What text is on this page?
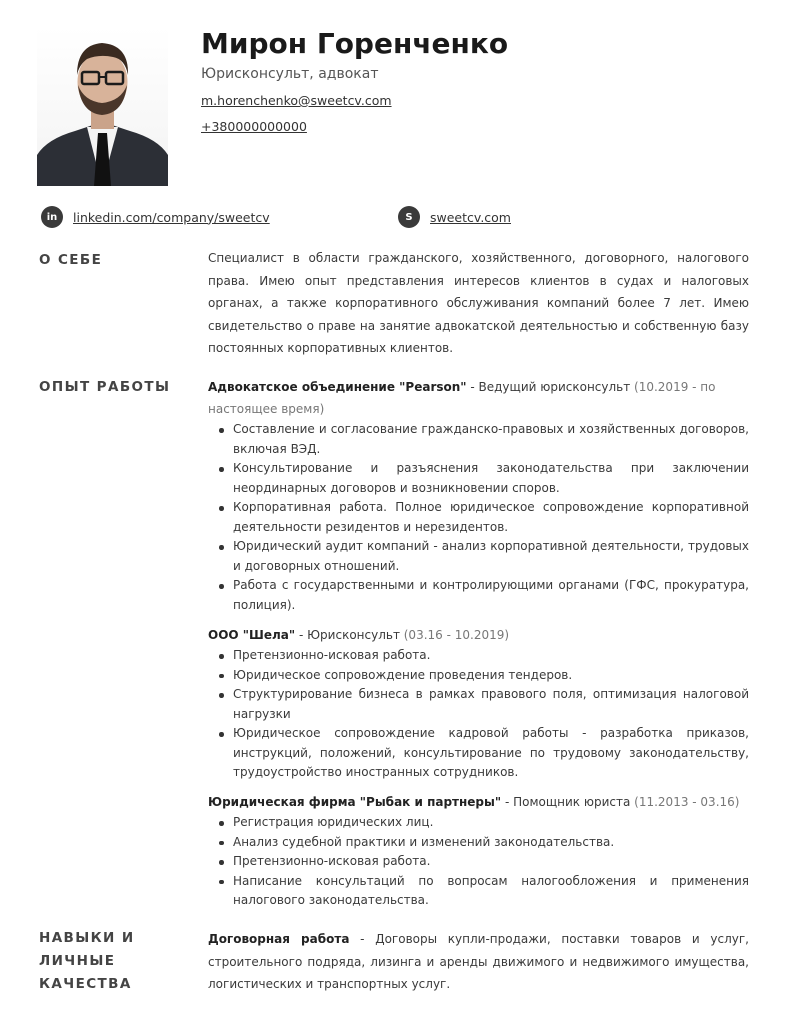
Мирон Горенченко
Юрисконсульт, адвокат
m.horenchenko@sweetcv.com
+380000000000
in	linkedin.com/company/sweetcv	S	sweetcv.com
О СЕБЕ	Специалист в области гражданского, хозяйственного, договорного, налогового права. Имею опыт представления интересов клиентов в судах и налоговых органах, а также корпоративного обслуживания компаний более 7 лет. Имею свидетельство о праве на занятие адвокатской деятельностью и собственную базу постоянных корпоративных клиентов.
ОПЫТ РАБОТЫ	Адвокатское объединение "Pearson" - Ведущий юрисконсульт (10.2019 - по настоящее время)
Составление и согласование гражданско-правовых и хозяйственных договоров, включая ВЭД.
Консультирование и разъяснения законодательства при заключении неординарных договоров и возникновении споров.
Корпоративная работа. Полное юридическое сопровождение корпоративной деятельности резидентов и нерезидентов.
Юридический аудит компаний - анализ корпоративной деятельности, трудовых и договорных отношений.
Работа с государственными и контролирующими органами (ГФС, прокуратура, полиция).
ООО "Шела" - Юрисконсульт (03.16 - 10.2019)
Претензионно-исковая работа.
Юридическое сопровождение проведения тендеров.
Структурирование бизнеса в рамках правового поля, оптимизация налоговой нагрузки
Юридическое сопровождение кадровой работы - разработка приказов, инструкций, положений, консультирование по трудовому законодательству, трудоустройство иностранных сотрудников.
Юридическая фирма "Рыбак и партнеры" - Помощник юриста (11.2013 - 03.16)
Регистрация юридических лиц.
Анализ судебной практики и изменений законодательства.
Претензионно-исковая работа.
Написание консультаций по вопросам налогообложения и применения налогового законодательства.
НАВЫКИ И ЛИЧНЫЕ КАЧЕСТВА
Договорная работа - Договоры купли-продажи, поставки товаров и услуг, строительного подряда, лизинга и аренды движимого и недвижимого имущества, логистических и транспортных услуг.
